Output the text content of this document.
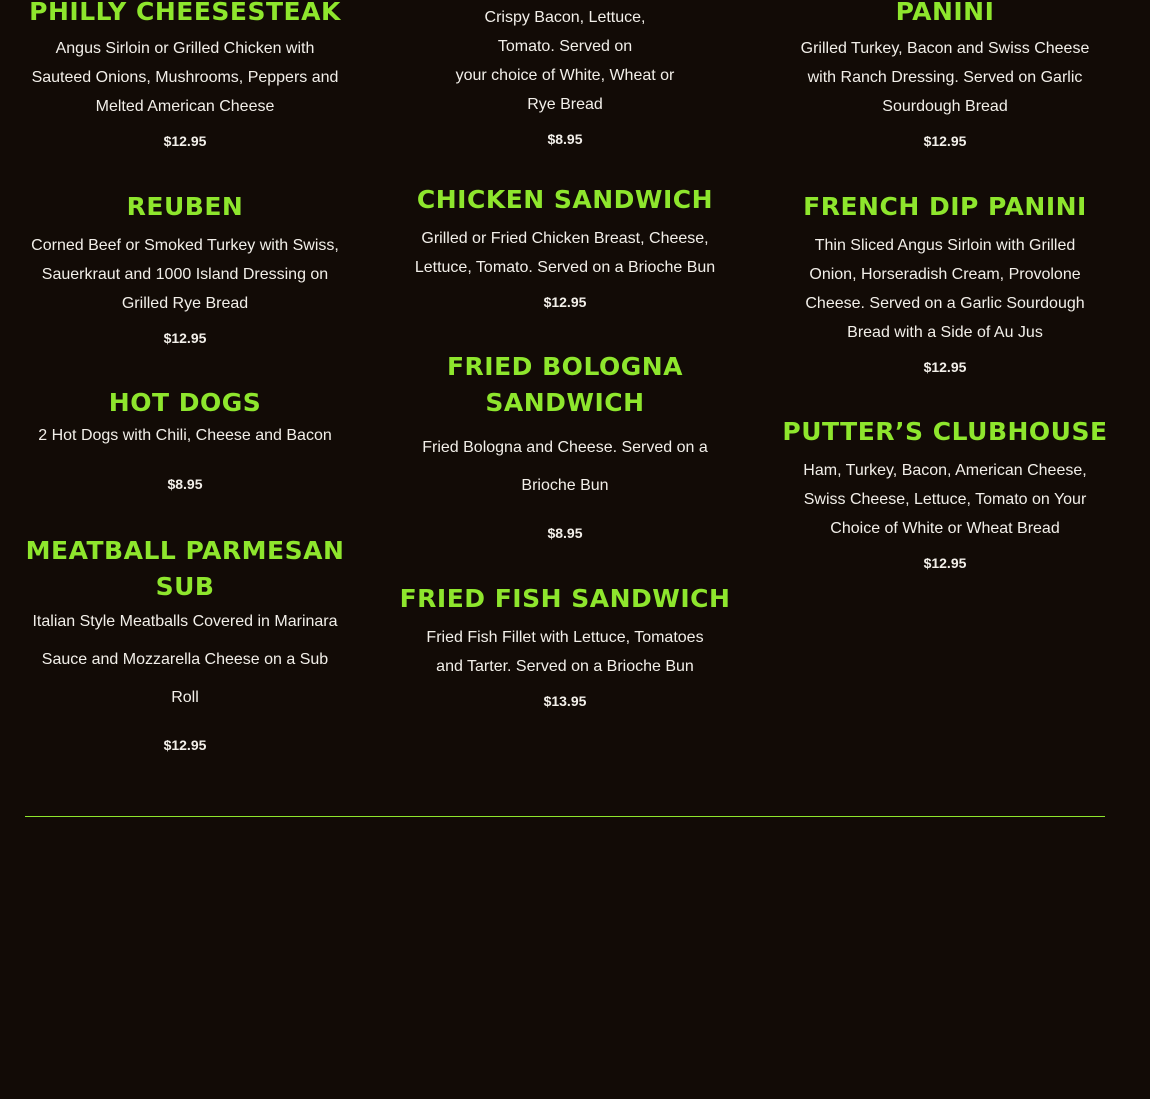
PHILLY CHEESESTEAK

Angus Sirloin or Grilled Chicken with
Sauteed Onions, Mushrooms, Peppers and
Melted American Cheese

$12.95

REUBEN

Corned Beef or Smoked Turkey with Swiss,
Sauerkraut and 1000 Island Dressing on
Grilled Rye Bread

$12.95

HOT DOGS

2 Hot Dogs with Chili, Cheese and Bacon

$8.95

MEATBALL PARMESAN
SUB

Italian Style Meatballs Covered in Marinara
Sauce and Mozzarella Cheese on a Sub
Roll

$12.95

Crispy Bacon, Lettuce,
Tomato. Served on
your choice of White, Wheat or
Rye Bread

$8.95

CHICKEN SANDWICH

Grilled or Fried Chicken Breast, Cheese,
Lettuce, Tomato. Served on a Brioche Bun

$12.95

FRIED BOLOGNA
SANDWICH

Fried Bologna and Cheese. Served on a
Brioche Bun

$8.95

FRIED FISH SANDWICH

Fried Fish Fillet with Lettuce, Tomatoes
and Tarter. Served on a Brioche Bun

$13.95

PANINI

Grilled Turkey, Bacon and Swiss Cheese
with Ranch Dressing. Served on Garlic
Sourdough Bread

$12.95

FRENCH DIP PANINI

Thin Sliced Angus Sirloin with Grilled
Onion, Horseradish Cream, Provolone
Cheese. Served on a Garlic Sourdough
Bread with a Side of Au Jus

$12.95

PUTTER’S CLUBHOUSE

Ham, Turkey, Bacon, American Cheese,
Swiss Cheese, Lettuce, Tomato on Your
Choice of White or Wheat Bread

$12.95
